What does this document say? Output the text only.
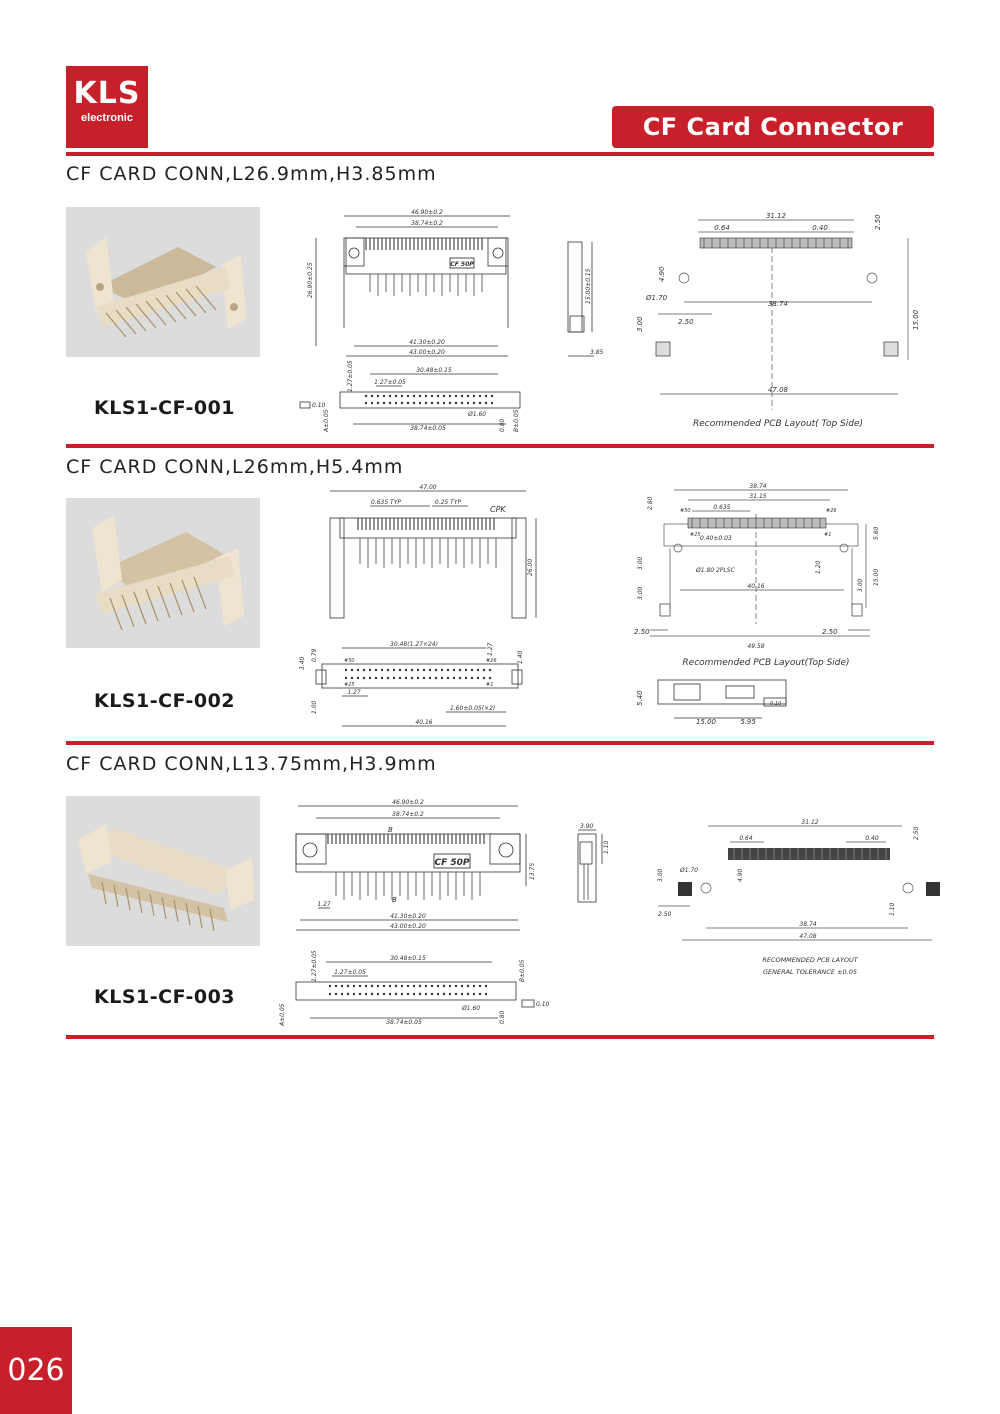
KLS
electronic	CF Card Connector
CF CARD CONN,L26.9mm,H3.85mm
KLS1-CF-001
CF 50P
46.90±0.2
38.74±0.2
41.30±0.20
43.00±0.20
26.90±0.25	15.00±0.15
3.85
30.48±0.15
1.27±0.05
38.74±0.05
Ø1.60
0.10
A±0.05
1.27±0.05
0.80 B±0.05
31.12
0.64	0.40	2.50
4.90
Ø1.70
38.74
2.50
3.00	15.00
47.08
Recommended PCB Layout( Top Side)
CF CARD CONN,L26mm,H5.4mm
KLS1-CF-002
47.00
0.635 TYP	0.25 TYP
CPK
26.00
30.48(1.27×24)	1.27
1.60±0.05(×2)
40.16
3.40
0.79
1.00
1.27
1.40
#50
#25
#26
#1
38.74
31.15
0.635
2.80
#50	#26
#25	#1
0.40±0.03
Ø1.80 2PLSC
40.16
3.00
3.00
1.20
3.00 15.00
5.80
2.50	2.50
49.58
Recommended PCB Layout(Top Side)
5.40
15.00	5.95
0.10
CF CARD CONN,L13.75mm,H3.9mm
KLS1-CF-003
CF 50P
46.90±0.2
38.74±0.2
41.30±0.20
43.00±0.20
13.75
1.27
B
B
3.90
1.10
30.48±0.15
1.27±0.05
38.74±0.05
Ø1.60
0.10
A±0.05
1.27±0.05
0.80
B±0.05
31.12
0.64	0.40	2.50
Ø1.70	4.90
3.00
2.50	1.10
38.74
47.08
RECOMMENDED PCB LAYOUT
GENERAL TOLERANCE ±0.05
026
